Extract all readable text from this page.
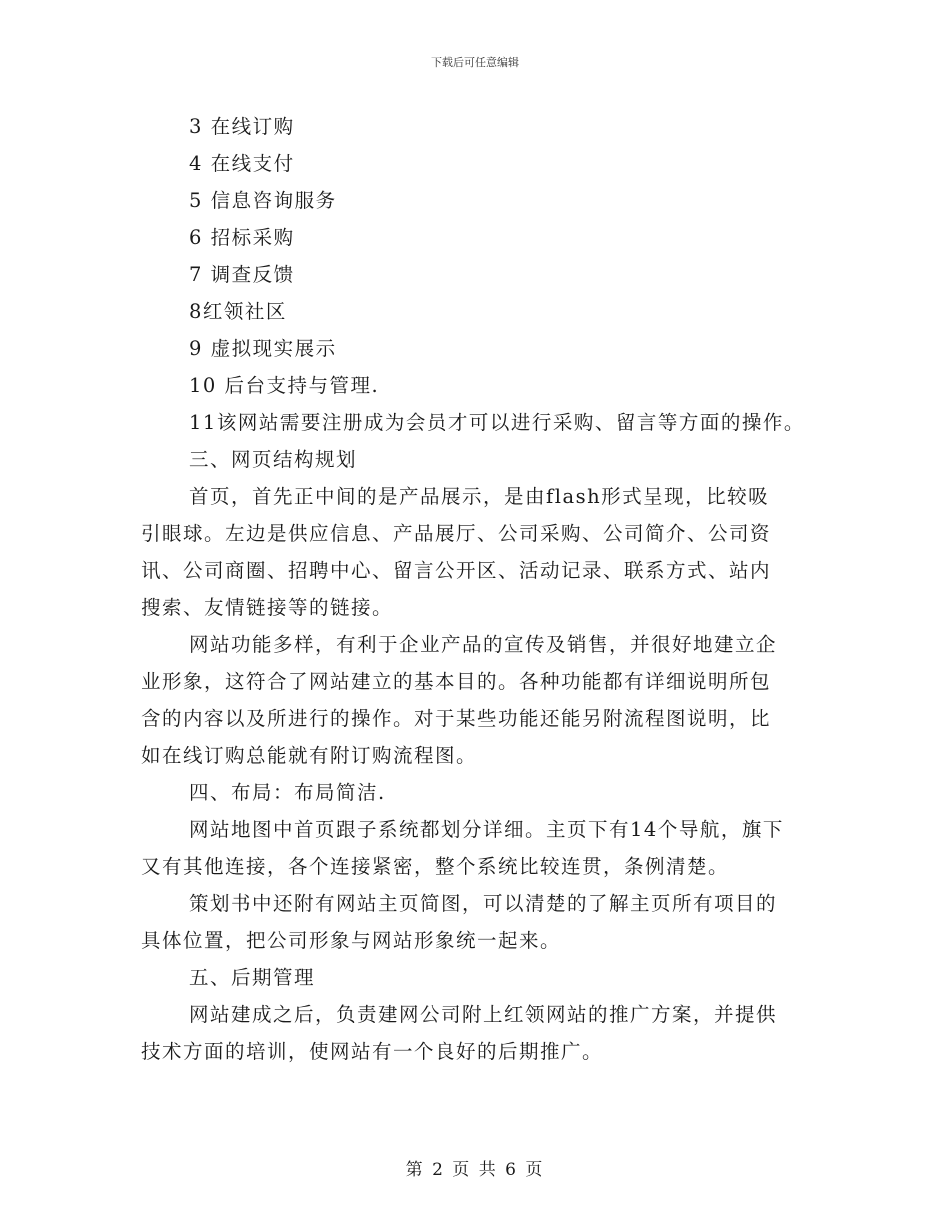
下载后可任意编辑
3 在线订购
4 在线支付
5 信息咨询服务
6 招标采购
7 调查反馈
8红领社区
9 虚拟现实展示
10 后台支持与管理.
11该网站需要注册成为会员才可以进行采购、留言等方面的操作。
三、网页结构规划
首页，首先正中间的是产品展示，是由flash形式呈现，比较吸
引眼球。左边是供应信息、产品展厅、公司采购、公司简介、公司资
讯、公司商圈、招聘中心、留言公开区、活动记录、联系方式、站内
搜索、友情链接等的链接。
网站功能多样，有利于企业产品的宣传及销售，并很好地建立企
业形象，这符合了网站建立的基本目的。各种功能都有详细说明所包
含的内容以及所进行的操作。对于某些功能还能另附流程图说明，比
如在线订购总能就有附订购流程图。
四、布局：布局简洁.
网站地图中首页跟子系统都划分详细。主页下有14个导航，旗下
又有其他连接，各个连接紧密，整个系统比较连贯，条例清楚。
策划书中还附有网站主页简图，可以清楚的了解主页所有项目的
具体位置，把公司形象与网站形象统一起来。
五、后期管理
网站建成之后，负责建网公司附上红领网站的推广方案，并提供
技术方面的培训，使网站有一个良好的后期推广。
第 2 页 共 6 页
